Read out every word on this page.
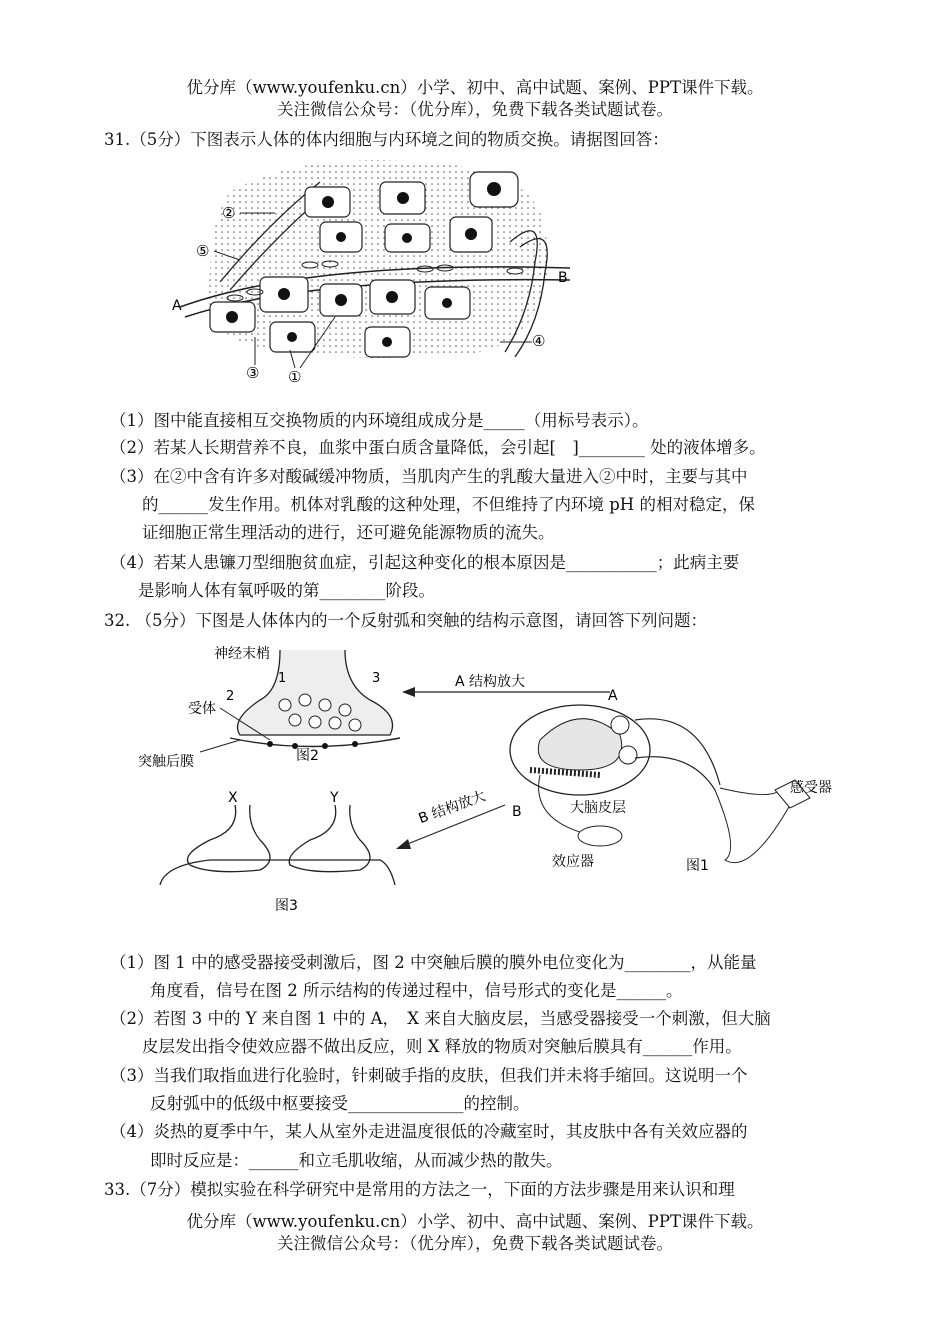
优分库（www.youfenku.cn）小学、初中、高中试题、案例、PPT课件下载。
关注微信公众号：（优分库），免费下载各类试题试卷。
31.（5分）下图表示人体的体内细胞与内环境之间的物质交换。请据图回答：
②
⑤
A
B
④
③ ①
（1）图中能直接相互交换物质的内环境组成成分是_____（用标号表示）。
（2）若某人长期营养不良，血浆中蛋白质含量降低，会引起[　]________ 处的液体增多。
（3）在②中含有许多对酸碱缓冲物质，当肌肉产生的乳酸大量进入②中时，主要与其中
的______发生作用。机体对乳酸的这种处理，不但维持了内环境 pH 的相对稳定，保
证细胞正常生理活动的进行，还可避免能源物质的流失。
（4）若某人患镰刀型细胞贫血症，引起这种变化的根本原因是___________；此病主要
是影响人体有氧呼吸的第________阶段。
32. （5分）下图是人体体内的一个反射弧和突触的结构示意图，请回答下列问题：
神经末梢
1
2
3
受体
突触后膜	图2
A 结构放大
A
感受器
效应器
B	大脑皮层
图1
B 结构放大
X	Y
图3
（1）图 1 中的感受器接受刺激后，图 2 中突触后膜的膜外电位变化为________，从能量
角度看，信号在图 2 所示结构的传递过程中，信号形式的变化是______。
（2）若图 3 中的 Y 来自图 1 中的 A，　X 来自大脑皮层，当感受器接受一个刺激，但大脑
皮层发出指令使效应器不做出反应，则 X 释放的物质对突触后膜具有______作用。
（3）当我们取指血进行化验时，针刺破手指的皮肤，但我们并未将手缩回。这说明一个
反射弧中的低级中枢要接受______________的控制。
（4）炎热的夏季中午，某人从室外走进温度很低的冷藏室时，其皮肤中各有关效应器的
即时反应是：______和立毛肌收缩，从而减少热的散失。
33.（7分）模拟实验在科学研究中是常用的方法之一，下面的方法步骤是用来认识和理
优分库（www.youfenku.cn）小学、初中、高中试题、案例、PPT课件下载。
关注微信公众号：（优分库），免费下载各类试题试卷。
